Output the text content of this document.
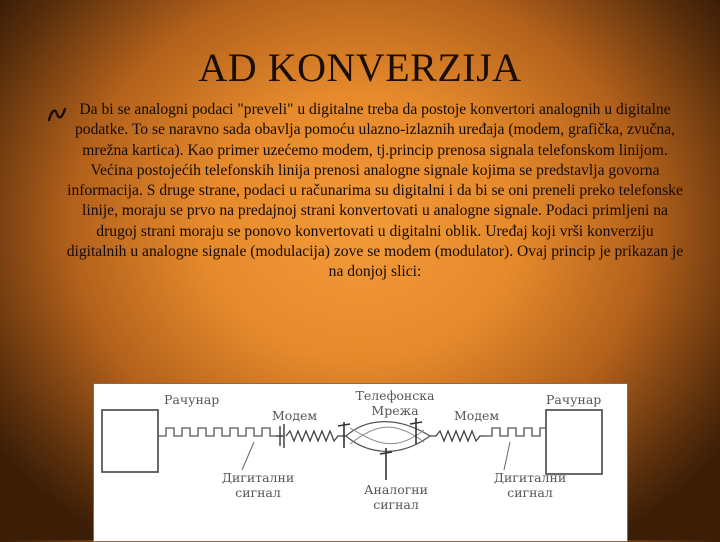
AD KONVERZIJA
Da bi se analogni podaci "preveli" u digitalne treba da postoje konvertori analognih u digitalne podatke. To se naravno sada obavlja pomoću ulazno-izlaznih uređaja (modem, grafička, zvučna, mrežna kartica). Kao primer uzećemo modem, tj.princip prenosa signala telefonskom linijom. Većina postojećih telefonskih linija prenosi analogne signale kojima se predstavlja govorna informacija. S druge strane, podaci u računarima su digitalni i da bi se oni preneli preko telefonske linije, moraju se prvo na predajnoj strani konvertovati u analogne signale. Podaci primljeni na drugoj strani moraju se ponovo konvertovati u digitalni oblik. Uređaj koji vrši konverziju digitalnih u analogne signale (modulacija) zove se modem (modulator). Ovaj princip je prikazan je na donjoj slici:
Рачунар	Рачунар
Модем	Модем
Телефонска
Мрежа
Дигитални
сигнал
Дигитални
сигнал
Аналогни
сигнал
